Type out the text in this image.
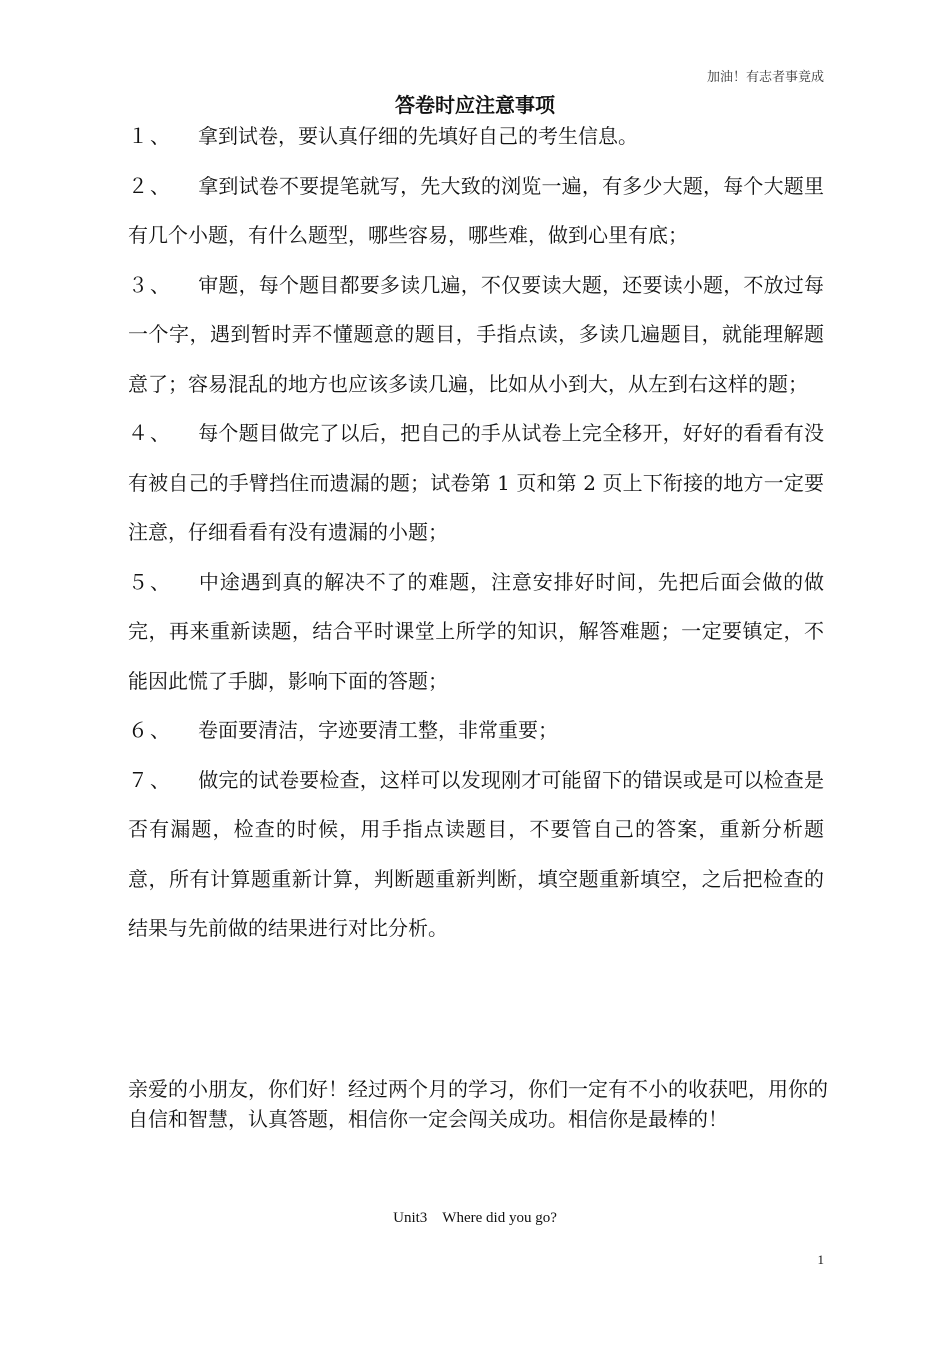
加油！有志者事竟成
答卷时应注意事项

１、 拿到试卷，要认真仔细的先填好自己的考生信息。

２、 拿到试卷不要提笔就写，先大致的浏览一遍，有多少大题，每个大题里有几个小题，有什么题型，哪些容易，哪些难，做到心里有底；

３、 审题，每个题目都要多读几遍，不仅要读大题，还要读小题，不放过每一个字，遇到暂时弄不懂题意的题目，手指点读，多读几遍题目，就能理解题意了；容易混乱的地方也应该多读几遍，比如从小到大，从左到右这样的题；

４、 每个题目做完了以后，把自己的手从试卷上完全移开，好好的看看有没有被自己的手臂挡住而遗漏的题；试卷第 1 页和第 2 页上下衔接的地方一定要注意，仔细看看有没有遗漏的小题；

５、 中途遇到真的解决不了的难题，注意安排好时间，先把后面会做的做完，再来重新读题，结合平时课堂上所学的知识，解答难题；一定要镇定，不能因此慌了手脚，影响下面的答题；

６、 卷面要清洁，字迹要清工整，非常重要；

７、 做完的试卷要检查，这样可以发现刚才可能留下的错误或是可以检查是否有漏题，检查的时候，用手指点读题目，不要管自己的答案，重新分析题意，所有计算题重新计算，判断题重新判断，填空题重新填空，之后把检查的结果与先前做的结果进行对比分析。

亲爱的小朋友，你们好！经过两个月的学习，你们一定有不小的收获吧，用你的自信和智慧，认真答题，相信你一定会闯关成功。相信你是最棒的！

Unit3　Where did you go?
1
